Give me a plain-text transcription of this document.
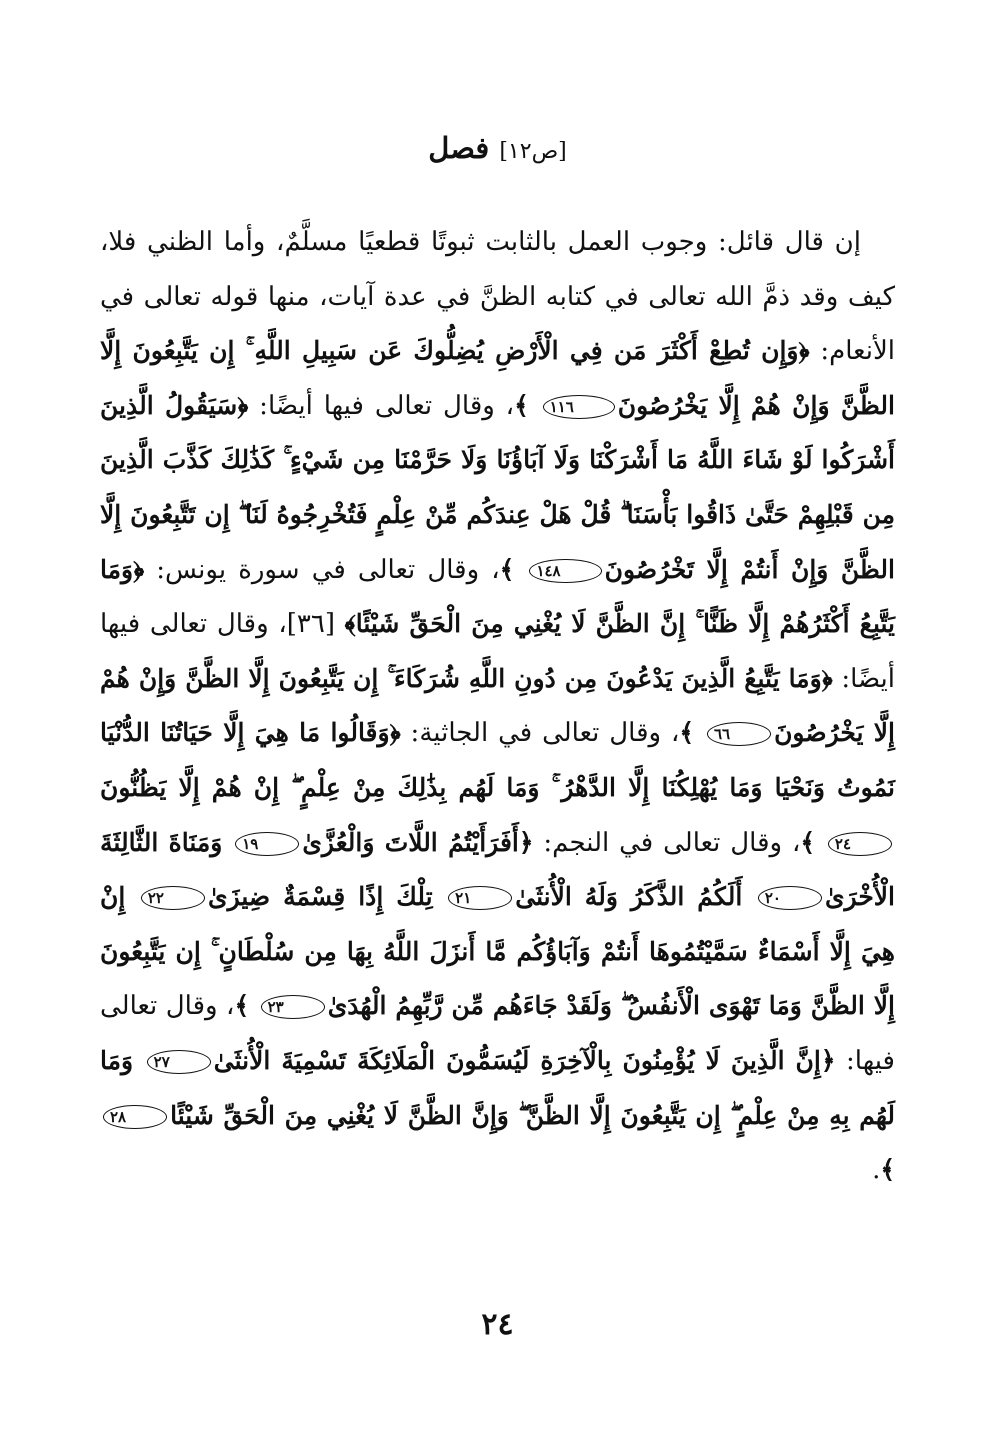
[ص١٢] فصل

إن قال قائل: وجوب العمل بالثابت ثبوتًا قطعيًا مسلَّمٌ، وأما الظني فلا، كيف وقد ذمَّ الله تعالى في كتابه الظنَّ في عدة آيات، منها قوله تعالى في الأنعام: ﴿وَإِن تُطِعْ أَكْثَرَ مَن فِي الْأَرْضِ يُضِلُّوكَ عَن سَبِيلِ اللَّهِ ۚ إِن يَتَّبِعُونَ إِلَّا الظَّنَّ وَإِنْ هُمْ إِلَّا يَخْرُصُونَ١١٦ ﴾، وقال تعالى فيها أيضًا: ﴿سَيَقُولُ الَّذِينَ أَشْرَكُوا لَوْ شَاءَ اللَّهُ مَا أَشْرَكْنَا وَلَا آبَاؤُنَا وَلَا حَرَّمْنَا مِن شَيْءٍ ۚ كَذَٰلِكَ كَذَّبَ الَّذِينَ مِن قَبْلِهِمْ حَتَّىٰ ذَاقُوا بَأْسَنَا ۗ قُلْ هَلْ عِندَكُم مِّنْ عِلْمٍ فَتُخْرِجُوهُ لَنَا ۖ إِن تَتَّبِعُونَ إِلَّا الظَّنَّ وَإِنْ أَنتُمْ إِلَّا تَخْرُصُونَ١٤٨ ﴾، وقال تعالى في سورة يونس: ﴿وَمَا يَتَّبِعُ أَكْثَرُهُمْ إِلَّا ظَنًّا ۚ إِنَّ الظَّنَّ لَا يُغْنِي مِنَ الْحَقِّ شَيْئًا﴾ [٣٦]، وقال تعالى فيها أيضًا: ﴿وَمَا يَتَّبِعُ الَّذِينَ يَدْعُونَ مِن دُونِ اللَّهِ شُرَكَاءَ ۚ إِن يَتَّبِعُونَ إِلَّا الظَّنَّ وَإِنْ هُمْ إِلَّا يَخْرُصُونَ٦٦ ﴾، وقال تعالى في الجاثية: ﴿وَقَالُوا مَا هِيَ إِلَّا حَيَاتُنَا الدُّنْيَا نَمُوتُ وَنَحْيَا وَمَا يُهْلِكُنَا إِلَّا الدَّهْرُ ۚ وَمَا لَهُم بِذَٰلِكَ مِنْ عِلْمٍ ۖ إِنْ هُمْ إِلَّا يَظُنُّونَ٢٤ ﴾، وقال تعالى في النجم: ﴿أَفَرَأَيْتُمُ اللَّاتَ وَالْعُزَّىٰ١٩ وَمَنَاةَ الثَّالِثَةَ الْأُخْرَىٰ٢٠ أَلَكُمُ الذَّكَرُ وَلَهُ الْأُنثَىٰ٢١ تِلْكَ إِذًا قِسْمَةٌ ضِيزَىٰ٢٢ إِنْ هِيَ إِلَّا أَسْمَاءٌ سَمَّيْتُمُوهَا أَنتُمْ وَآبَاؤُكُم مَّا أَنزَلَ اللَّهُ بِهَا مِن سُلْطَانٍ ۚ إِن يَتَّبِعُونَ إِلَّا الظَّنَّ وَمَا تَهْوَى الْأَنفُسُ ۖ وَلَقَدْ جَاءَهُم مِّن رَّبِّهِمُ الْهُدَىٰ٢٣ ﴾، وقال تعالى فيها: ﴿إِنَّ الَّذِينَ لَا يُؤْمِنُونَ بِالْآخِرَةِ لَيُسَمُّونَ الْمَلَائِكَةَ تَسْمِيَةَ الْأُنثَىٰ٢٧ وَمَا لَهُم بِهِ مِنْ عِلْمٍ ۖ إِن يَتَّبِعُونَ إِلَّا الظَّنَّ ۖ وَإِنَّ الظَّنَّ لَا يُغْنِي مِنَ الْحَقِّ شَيْئًا٢٨ ﴾.

٢٤
